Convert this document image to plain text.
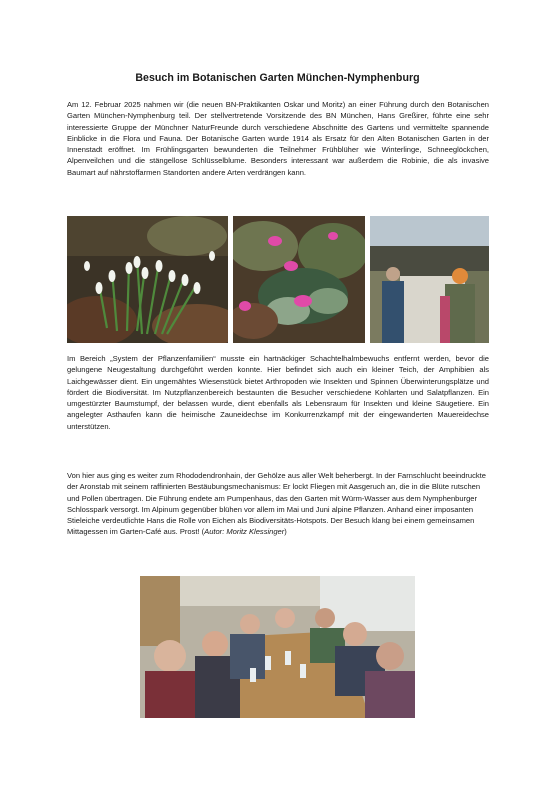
Besuch im Botanischen Garten München-Nymphenburg

Am 12. Februar 2025 nahmen wir (die neuen BN-Praktikanten Oskar und Moritz) an einer Führung durch den Botanischen Garten München-Nymphenburg teil. Der stellvertretende Vorsitzende des BN München, Hans Greßirer, führte eine sehr interessierte Gruppe der Münchner NaturFreunde durch verschiedene Abschnitte des Gartens und vermittelte spannende Einblicke in die Flora und Fauna. Der Botanische Garten wurde 1914 als Ersatz für den Alten Botanischen Garten in der Innenstadt eröffnet. Im Frühlingsgarten bewunderten die Teilnehmer Frühblüher wie Winterlinge, Schneeglöckchen, Alpenveilchen und die stängellose Schlüsselblume. Besonders interessant war außerdem die Robinie, die als invasive Baumart auf nährstoffarmen Standorten andere Arten verdrängen kann.

Im Bereich „System der Pflanzenfamilien“ musste ein hartnäckiger Schachtelhalmbewuchs entfernt werden, bevor die gelungene Neugestaltung durchgeführt werden konnte. Hier befindet sich auch ein kleiner Teich, der Amphibien als Laichgewässer dient. Ein ungemähtes Wiesenstück bietet Arthropoden wie Insekten und Spinnen Überwinterungsplätze und fördert die Biodiversität. Im Nutzpflanzenbereich bestaunten die Besucher verschiedene Kohlarten und Salatpflanzen. Ein umgestürzter Baumstumpf, der belassen wurde, dient ebenfalls als Lebensraum für Insekten und kleine Säugetiere. Ein angelegter Asthaufen kann die heimische Zauneidechse im Konkurrenzkampf mit der eingewanderten Mauereidechse unterstützen.

Von hier aus ging es weiter zum Rhododendronhain, der Gehölze aus aller Welt beherbergt. In der Farnschlucht beeindruckte der Aronstab mit seinem raffinierten Bestäubungsmechanismus: Er lockt Fliegen mit Aasgeruch an, die in die Blüte rutschen und Pollen übertragen. Die Führung endete am Pumpenhaus, das den Garten mit Würm-Wasser aus dem Nymphenburger Schlosspark versorgt. Im Alpinum gegenüber blühen vor allem im Mai und Juni alpine Pflanzen. Anhand einer imposanten Stieleiche verdeutlichte Hans die Rolle von Eichen als Biodiversitäts-Hotspots. Der Besuch klang bei einem gemeinsamen Mittagessen im Garten-Café aus. Prost! (Autor: Moritz Klessinger)
